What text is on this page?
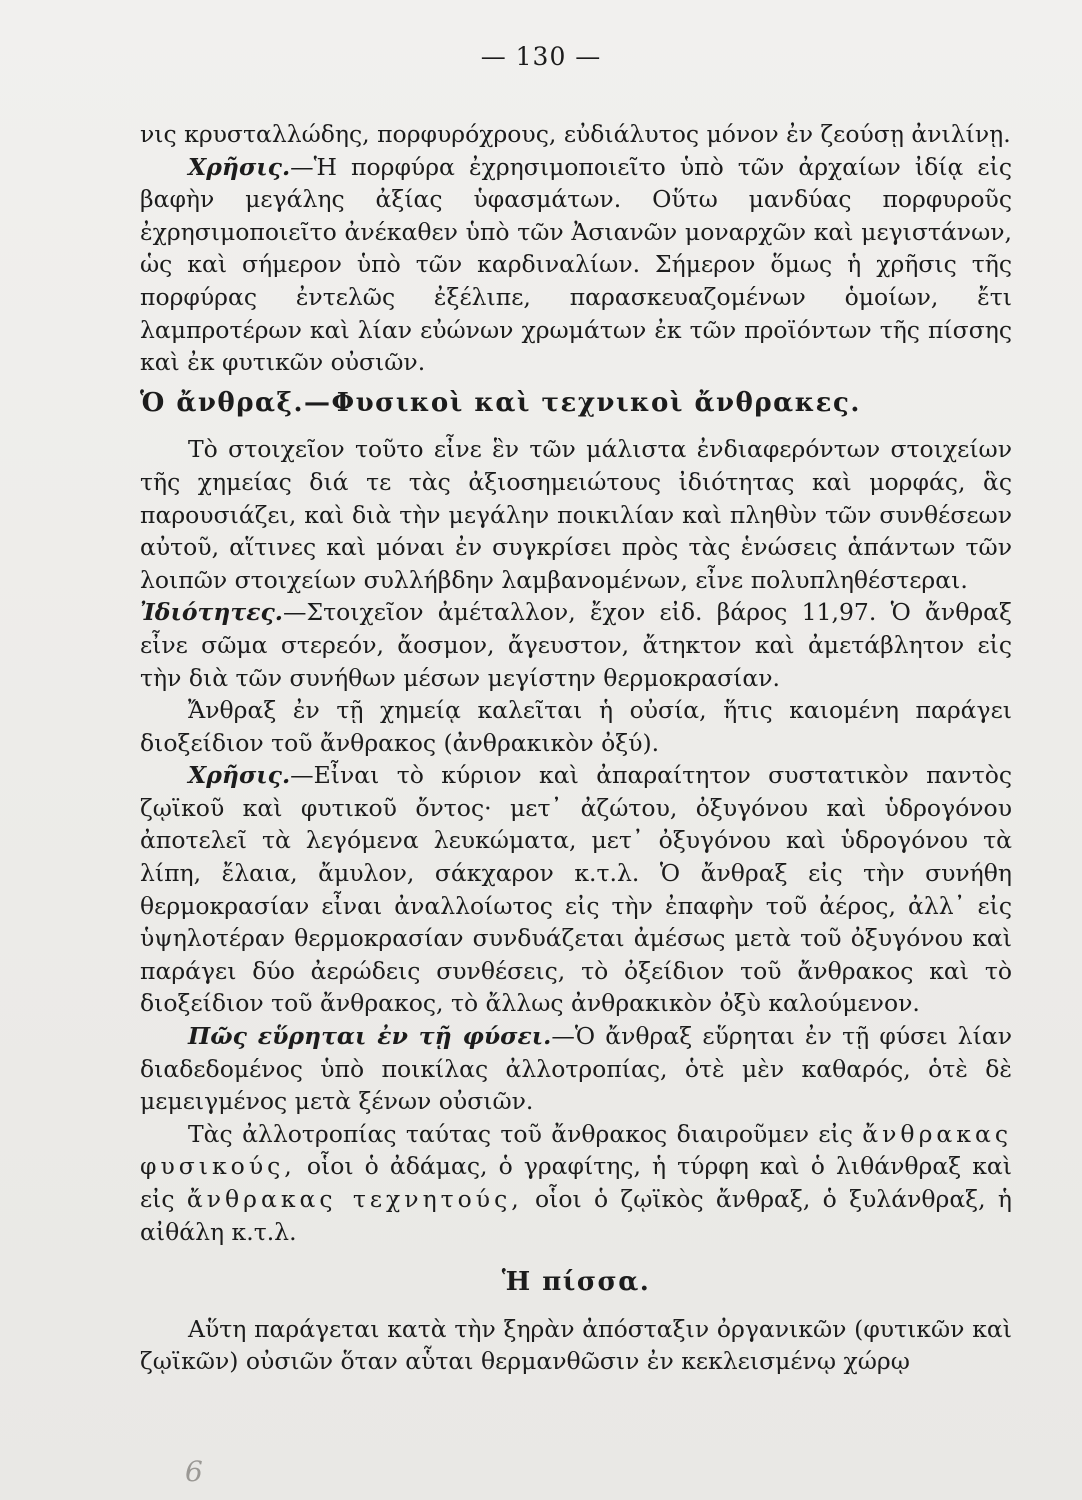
— 130 —

νις κρυσταλλώδης, πορφυρόχρους, εὐδιάλυτος μόνον ἐν ζεούσῃ ἀνιλίνῃ.

Χρῆσις.—Ἡ πορφύρα ἐχρησιμοποιεῖτο ὑπὸ τῶν ἀρχαίων ἰδίᾳ εἰς βαφὴν μεγάλης ἀξίας ὑφασμάτων. Οὕτω μανδύας πορφυροῦς ἐχρησιμοποιεῖτο ἀνέκαθεν ὑπὸ τῶν Ἀσιανῶν μοναρχῶν καὶ μεγιστάνων, ὡς καὶ σήμερον ὑπὸ τῶν καρδιναλίων. Σήμερον ὅμως ἡ χρῆσις τῆς πορφύρας ἐντελῶς ἐξέλιπε, παρασκευαζομένων ὁμοίων, ἔτι λαμπροτέρων καὶ λίαν εὐώνων χρωμάτων ἐκ τῶν προϊόντων τῆς πίσσης καὶ ἐκ φυτικῶν οὐσιῶν.

Ὁ ἄνθραξ.—Φυσικοὶ καὶ τεχνικοὶ ἄνθρακες.

Τὸ στοιχεῖον τοῦτο εἶνε ἓν τῶν μάλιστα ἐνδιαφερόντων στοιχείων τῆς χημείας διά τε τὰς ἀξιοσημειώτους ἰδιότητας καὶ μορφάς, ἃς παρουσιάζει, καὶ διὰ τὴν μεγάλην ποικιλίαν καὶ πληθὺν τῶν συνθέσεων αὐτοῦ, αἵτινες καὶ μόναι ἐν συγκρίσει πρὸς τὰς ἑνώσεις ἁπάντων τῶν λοιπῶν στοιχείων συλλήβδην λαμβανομένων, εἶνε πολυπληθέστεραι.

Ἰδιότητες.—Στοιχεῖον ἀμέταλλον, ἔχον εἰδ. βάρος 11,97. Ὁ ἄνθραξ εἶνε σῶμα στερεόν, ἄοσμον, ἄγευστον, ἄτηκτον καὶ ἀμετάβλητον εἰς τὴν διὰ τῶν συνήθων μέσων μεγίστην θερμοκρασίαν.

Ἄνθραξ ἐν τῇ χημείᾳ καλεῖται ἡ οὐσία, ἥτις καιομένη παράγει διοξείδιον τοῦ ἄνθρακος (ἀνθρακικὸν ὀξύ).

Χρῆσις.—Εἶναι τὸ κύριον καὶ ἀπαραίτητον συστατικὸν παντὸς ζῳϊκοῦ καὶ φυτικοῦ ὄντος· μετ᾽ ἀζώτου, ὀξυγόνου καὶ ὑδρογόνου ἀποτελεῖ τὰ λεγόμενα λευκώματα, μετ᾽ ὀξυγόνου καὶ ὑδρογόνου τὰ λίπη, ἔλαια, ἄμυλον, σάκχαρον κ.τ.λ. Ὁ ἄνθραξ εἰς τὴν συνήθη θερμοκρασίαν εἶναι ἀναλλοίωτος εἰς τὴν ἐπαφὴν τοῦ ἀέρος, ἀλλ᾽ εἰς ὑψηλοτέραν θερμοκρασίαν συνδυάζεται ἀμέσως μετὰ τοῦ ὀξυγόνου καὶ παράγει δύο ἀερώδεις συνθέσεις, τὸ ὀξείδιον τοῦ ἄνθρακος καὶ τὸ διοξείδιον τοῦ ἄνθρακος, τὸ ἄλλως ἀνθρακικὸν ὀξὺ καλούμενον.

Πῶς εὕρηται ἐν τῇ φύσει.—Ὁ ἄνθραξ εὕρηται ἐν τῇ φύσει λίαν διαδεδομένος ὑπὸ ποικίλας ἀλλοτροπίας, ὁτὲ μὲν καθαρός, ὁτὲ δὲ μεμειγμένος μετὰ ξένων οὐσιῶν.

Τὰς ἀλλοτροπίας ταύτας τοῦ ἄνθρακος διαιροῦμεν εἰς ἄνθρακας φυσικούς, οἷοι ὁ ἀδάμας, ὁ γραφίτης, ἡ τύρφη καὶ ὁ λιθάνθραξ καὶ εἰς ἄνθρακας τεχνητούς, οἷοι ὁ ζῳϊκὸς ἄνθραξ, ὁ ξυλάνθραξ, ἡ αἰθάλη κ.τ.λ.

Ἡ πίσσα.

Αὕτη παράγεται κατὰ τὴν ξηρὰν ἀπόσταξιν ὀργανικῶν (φυτικῶν καὶ ζῳϊκῶν) οὐσιῶν ὅταν αὗται θερμανθῶσιν ἐν κεκλεισμένῳ χώρῳ

6
